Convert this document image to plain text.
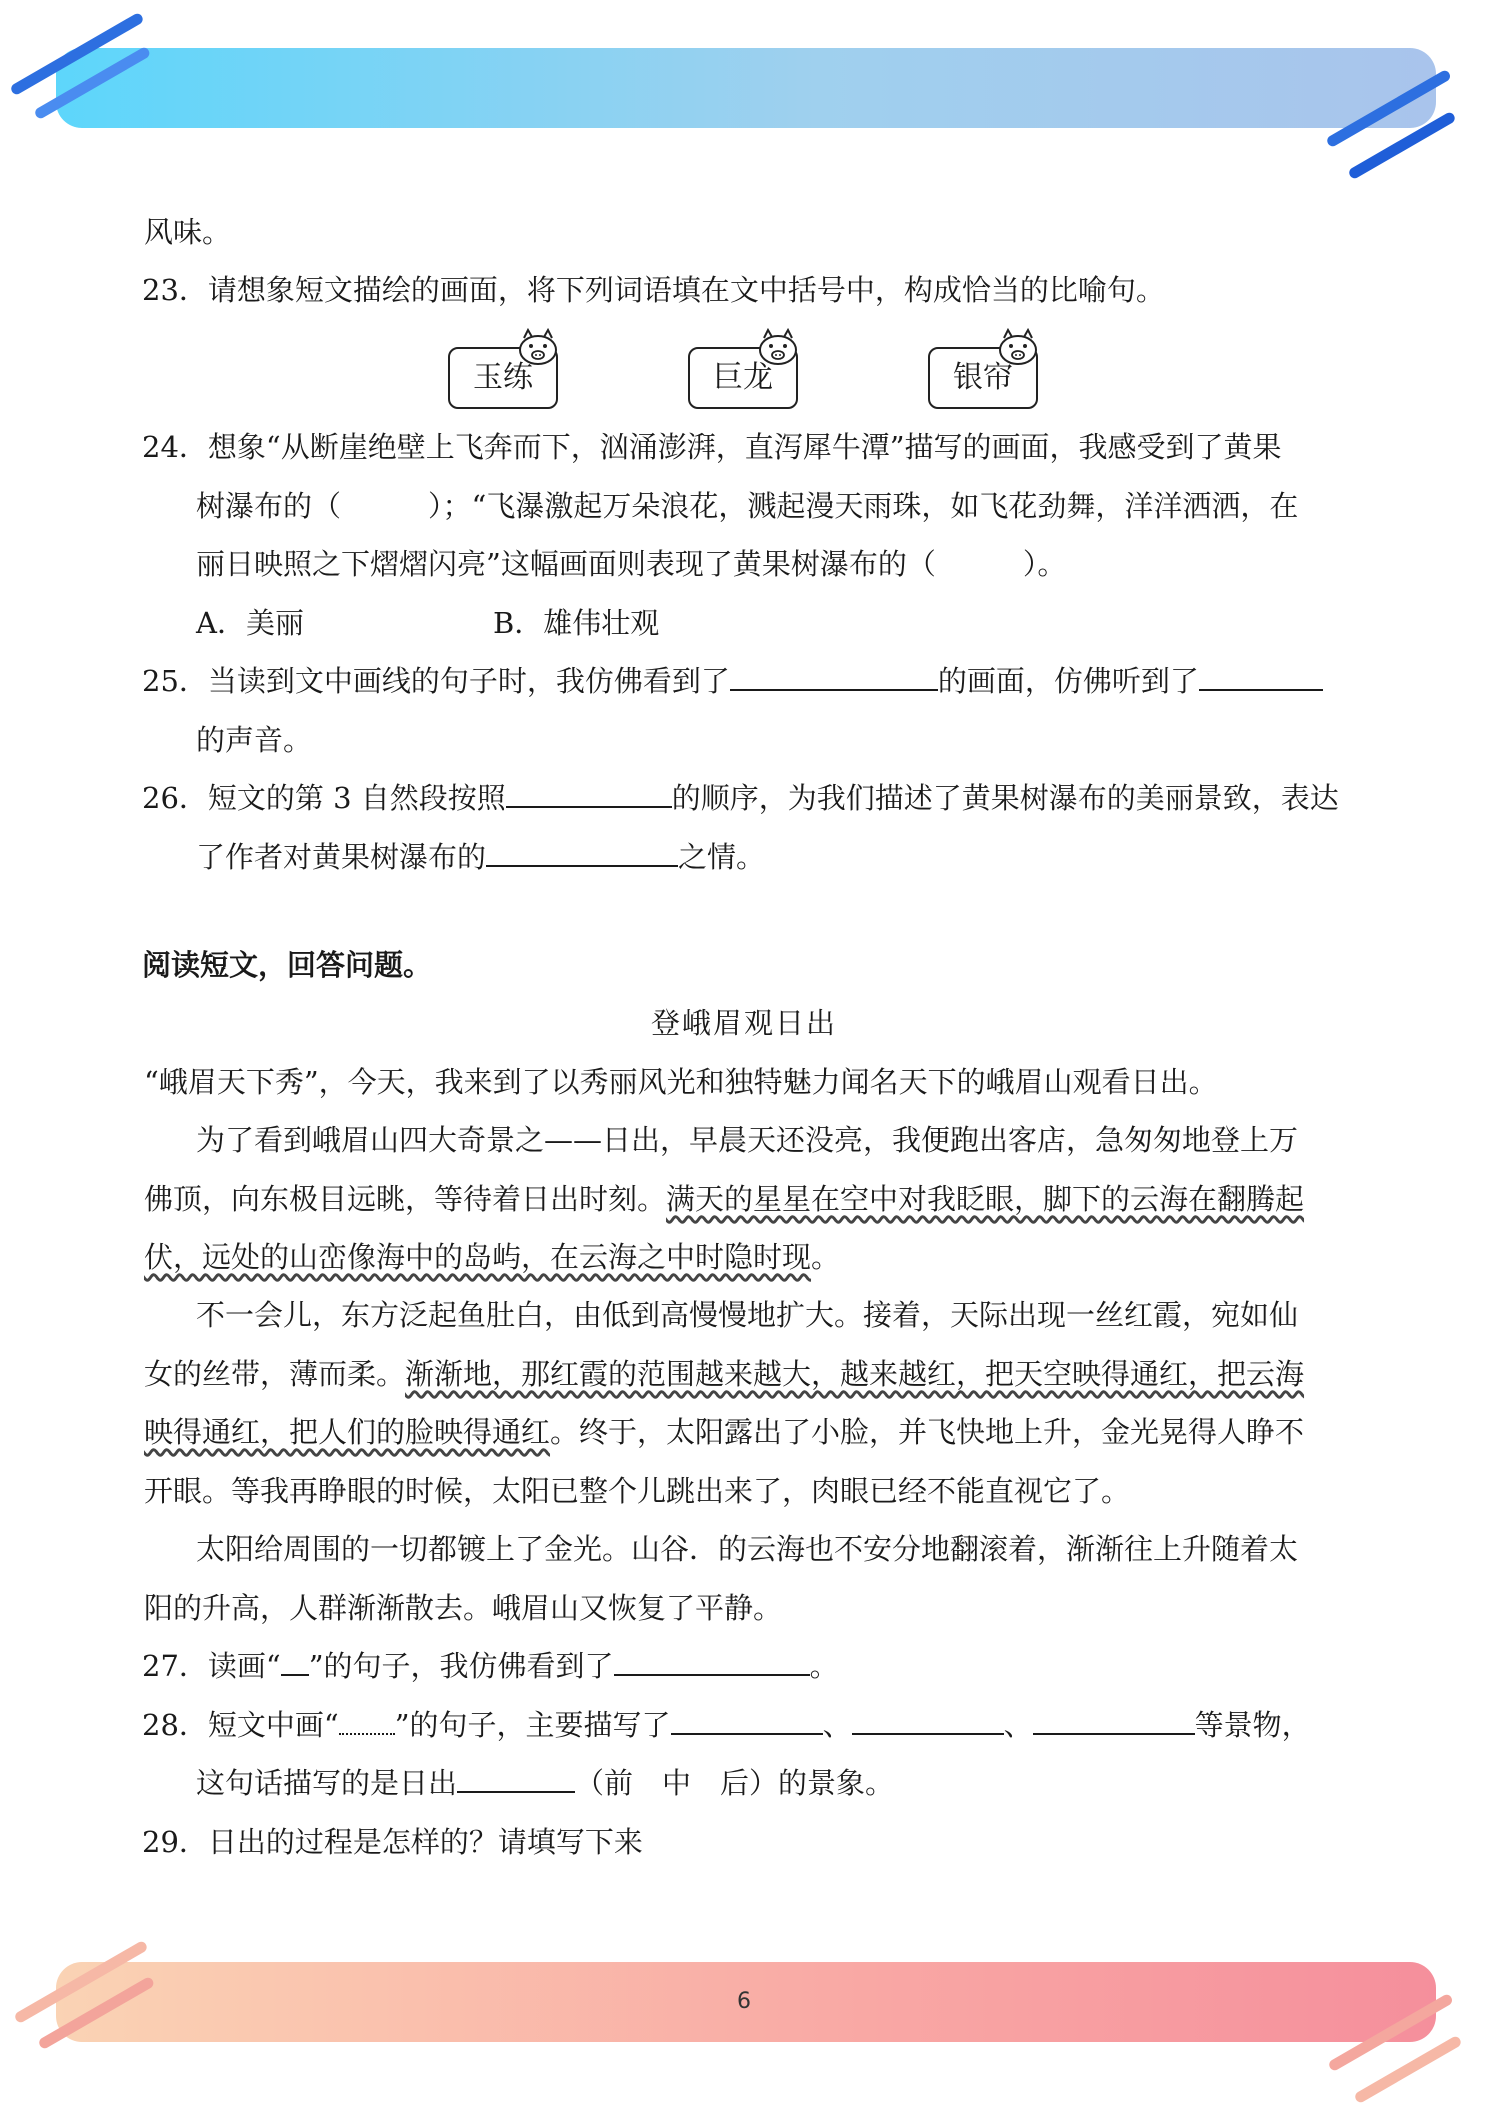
6
风味。
23．请想象短文描绘的画面，将下列词语填在文中括号中，构成恰当的比喻句。
玉练	巨龙	银帘
24．想象“从断崖绝壁上飞奔而下，汹涌澎湃，直泻犀牛潭”描写的画面，我感受到了黄果
树瀑布的（　　　）；“飞瀑激起万朵浪花，溅起漫天雨珠，如飞花劲舞，洋洋洒洒，在
丽日映照之下熠熠闪亮”这幅画面则表现了黄果树瀑布的（　　　）。
A．美丽	B．雄伟壮观
25．当读到文中画线的句子时，我仿佛看到了	的画面，仿佛听到了
的声音。
26．短文的第 3 自然段按照	的顺序，为我们描述了黄果树瀑布的美丽景致，表达
了作者对黄果树瀑布的	之情。
阅读短文，回答问题。
登峨眉观日出
“峨眉天下秀”，今天，我来到了以秀丽风光和独特魅力闻名天下的峨眉山观看日出。
为了看到峨眉山四大奇景之——日出，早晨天还没亮，我便跑出客店，急匆匆地登上万
佛顶，向东极目远眺，等待着日出时刻。满天的星星在空中对我眨眼，脚下的云海在翻腾起
伏，远处的山峦像海中的岛屿，在云海之中时隐时现。
不一会儿，东方泛起鱼肚白，由低到高慢慢地扩大。接着，天际出现一丝红霞，宛如仙
女的丝带，薄而柔。渐渐地，那红霞的范围越来越大，越来越红，把天空映得通红，把云海
映得通红，把人们的脸映得通红。终于，太阳露出了小脸，并飞快地上升，金光晃得人睁不
开眼。等我再睁眼的时候，太阳已整个儿跳出来了，肉眼已经不能直视它了。
太阳给周围的一切都镀上了金光。山谷．的云海也不安分地翻滚着，渐渐往上升随着太
阳的升高，人群渐渐散去。峨眉山又恢复了平静。
27．读画“ ”的句子，我仿佛看到了	。
28．短文中画“ ”的句子，主要描写了	、	、	等景物，
这句话描写的是日出	（前　中　后）的景象。
29．日出的过程是怎样的？请填写下来
